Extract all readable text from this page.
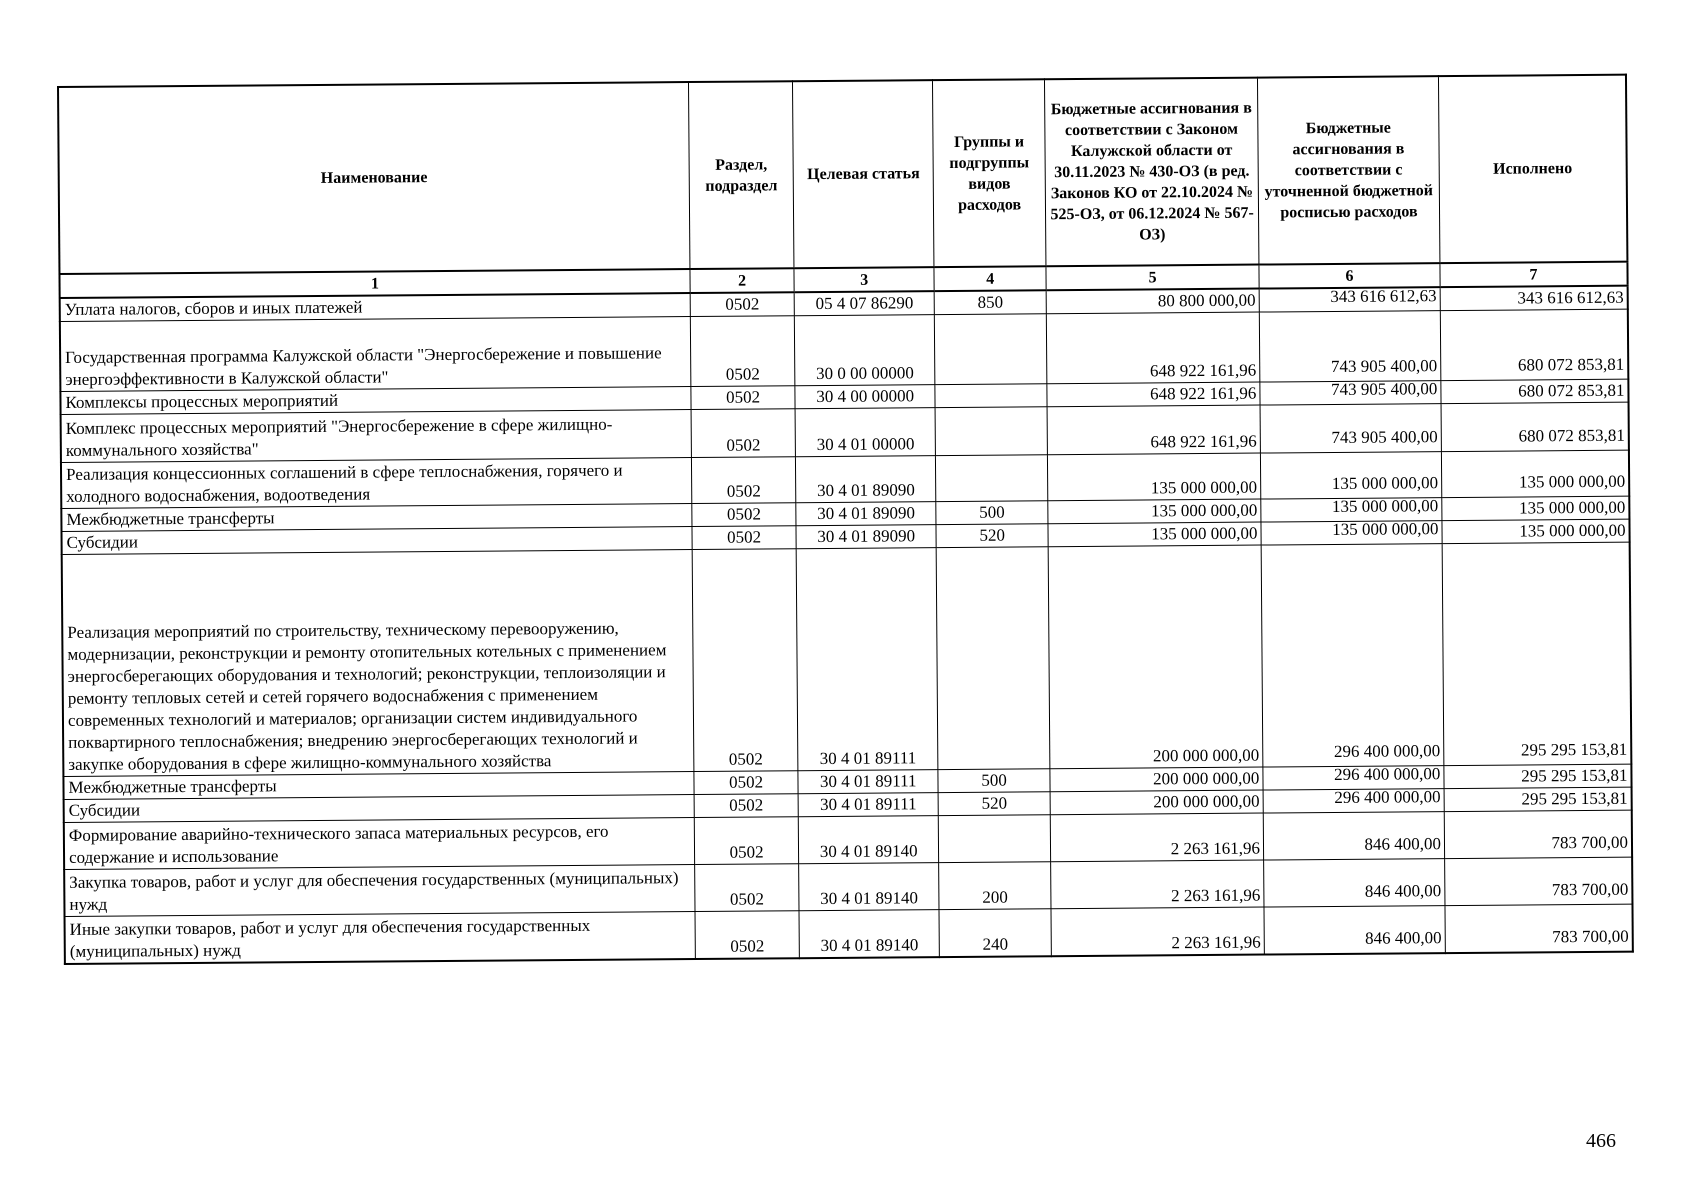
Наименование	Раздел, подраздел	Целевая статья	Группы и подгруппы видов расходов	Бюджетные ассигнования в соответствии с Законом Калужской области от 30.11.2023 № 430-ОЗ (в ред. Законов КО от 22.10.2024 № 525-ОЗ, от 06.12.2024 № 567-ОЗ)	Бюджетные ассигнования в соответствии с уточненной бюджетной росписью расходов	Исполнено
1	2	3	4	5	6	7
Уплата налогов, сборов и иных платежей	0502	05 4 07 86290	850	80 800 000,00	343 616 612,63	343 616 612,63
Государственная программа Калужской области "Энергосбережение и повышение энергоэффективности в Калужской области"	0502	30 0 00 00000		648 922 161,96	743 905 400,00	680 072 853,81
Комплексы процессных мероприятий	0502	30 4 00 00000		648 922 161,96	743 905 400,00	680 072 853,81
Комплекс процессных мероприятий "Энергосбережение в сфере жилищно-коммунального хозяйства"	0502	30 4 01 00000		648 922 161,96	743 905 400,00	680 072 853,81
Реализация концессионных соглашений в сфере теплоснабжения, горячего и холодного водоснабжения, водоотведения	0502	30 4 01 89090		135 000 000,00	135 000 000,00	135 000 000,00
Межбюджетные трансферты	0502	30 4 01 89090	500	135 000 000,00	135 000 000,00	135 000 000,00
Субсидии	0502	30 4 01 89090	520	135 000 000,00	135 000 000,00	135 000 000,00
Реализация мероприятий по строительству, техническому перевооружению, модернизации, реконструкции и ремонту отопительных котельных с применением энергосберегающих оборудования и технологий; реконструкции, теплоизоляции и ремонту тепловых сетей и сетей горячего водоснабжения с применением современных технологий и материалов; организации систем индивидуального поквартирного теплоснабжения; внедрению энергосберегающих технологий и закупке оборудования в сфере жилищно-коммунального хозяйства	0502	30 4 01 89111		200 000 000,00	296 400 000,00	295 295 153,81
Межбюджетные трансферты	0502	30 4 01 89111	500	200 000 000,00	296 400 000,00	295 295 153,81
Субсидии	0502	30 4 01 89111	520	200 000 000,00	296 400 000,00	295 295 153,81
Формирование аварийно-технического запаса материальных ресурсов, его содержание и использование	0502	30 4 01 89140		2 263 161,96	846 400,00	783 700,00
Закупка товаров, работ и услуг для обеспечения государственных (муниципальных) нужд	0502	30 4 01 89140	200	2 263 161,96	846 400,00	783 700,00
Иные закупки товаров, работ и услуг для обеспечения государственных (муниципальных) нужд	0502	30 4 01 89140	240	2 263 161,96	846 400,00	783 700,00
466
